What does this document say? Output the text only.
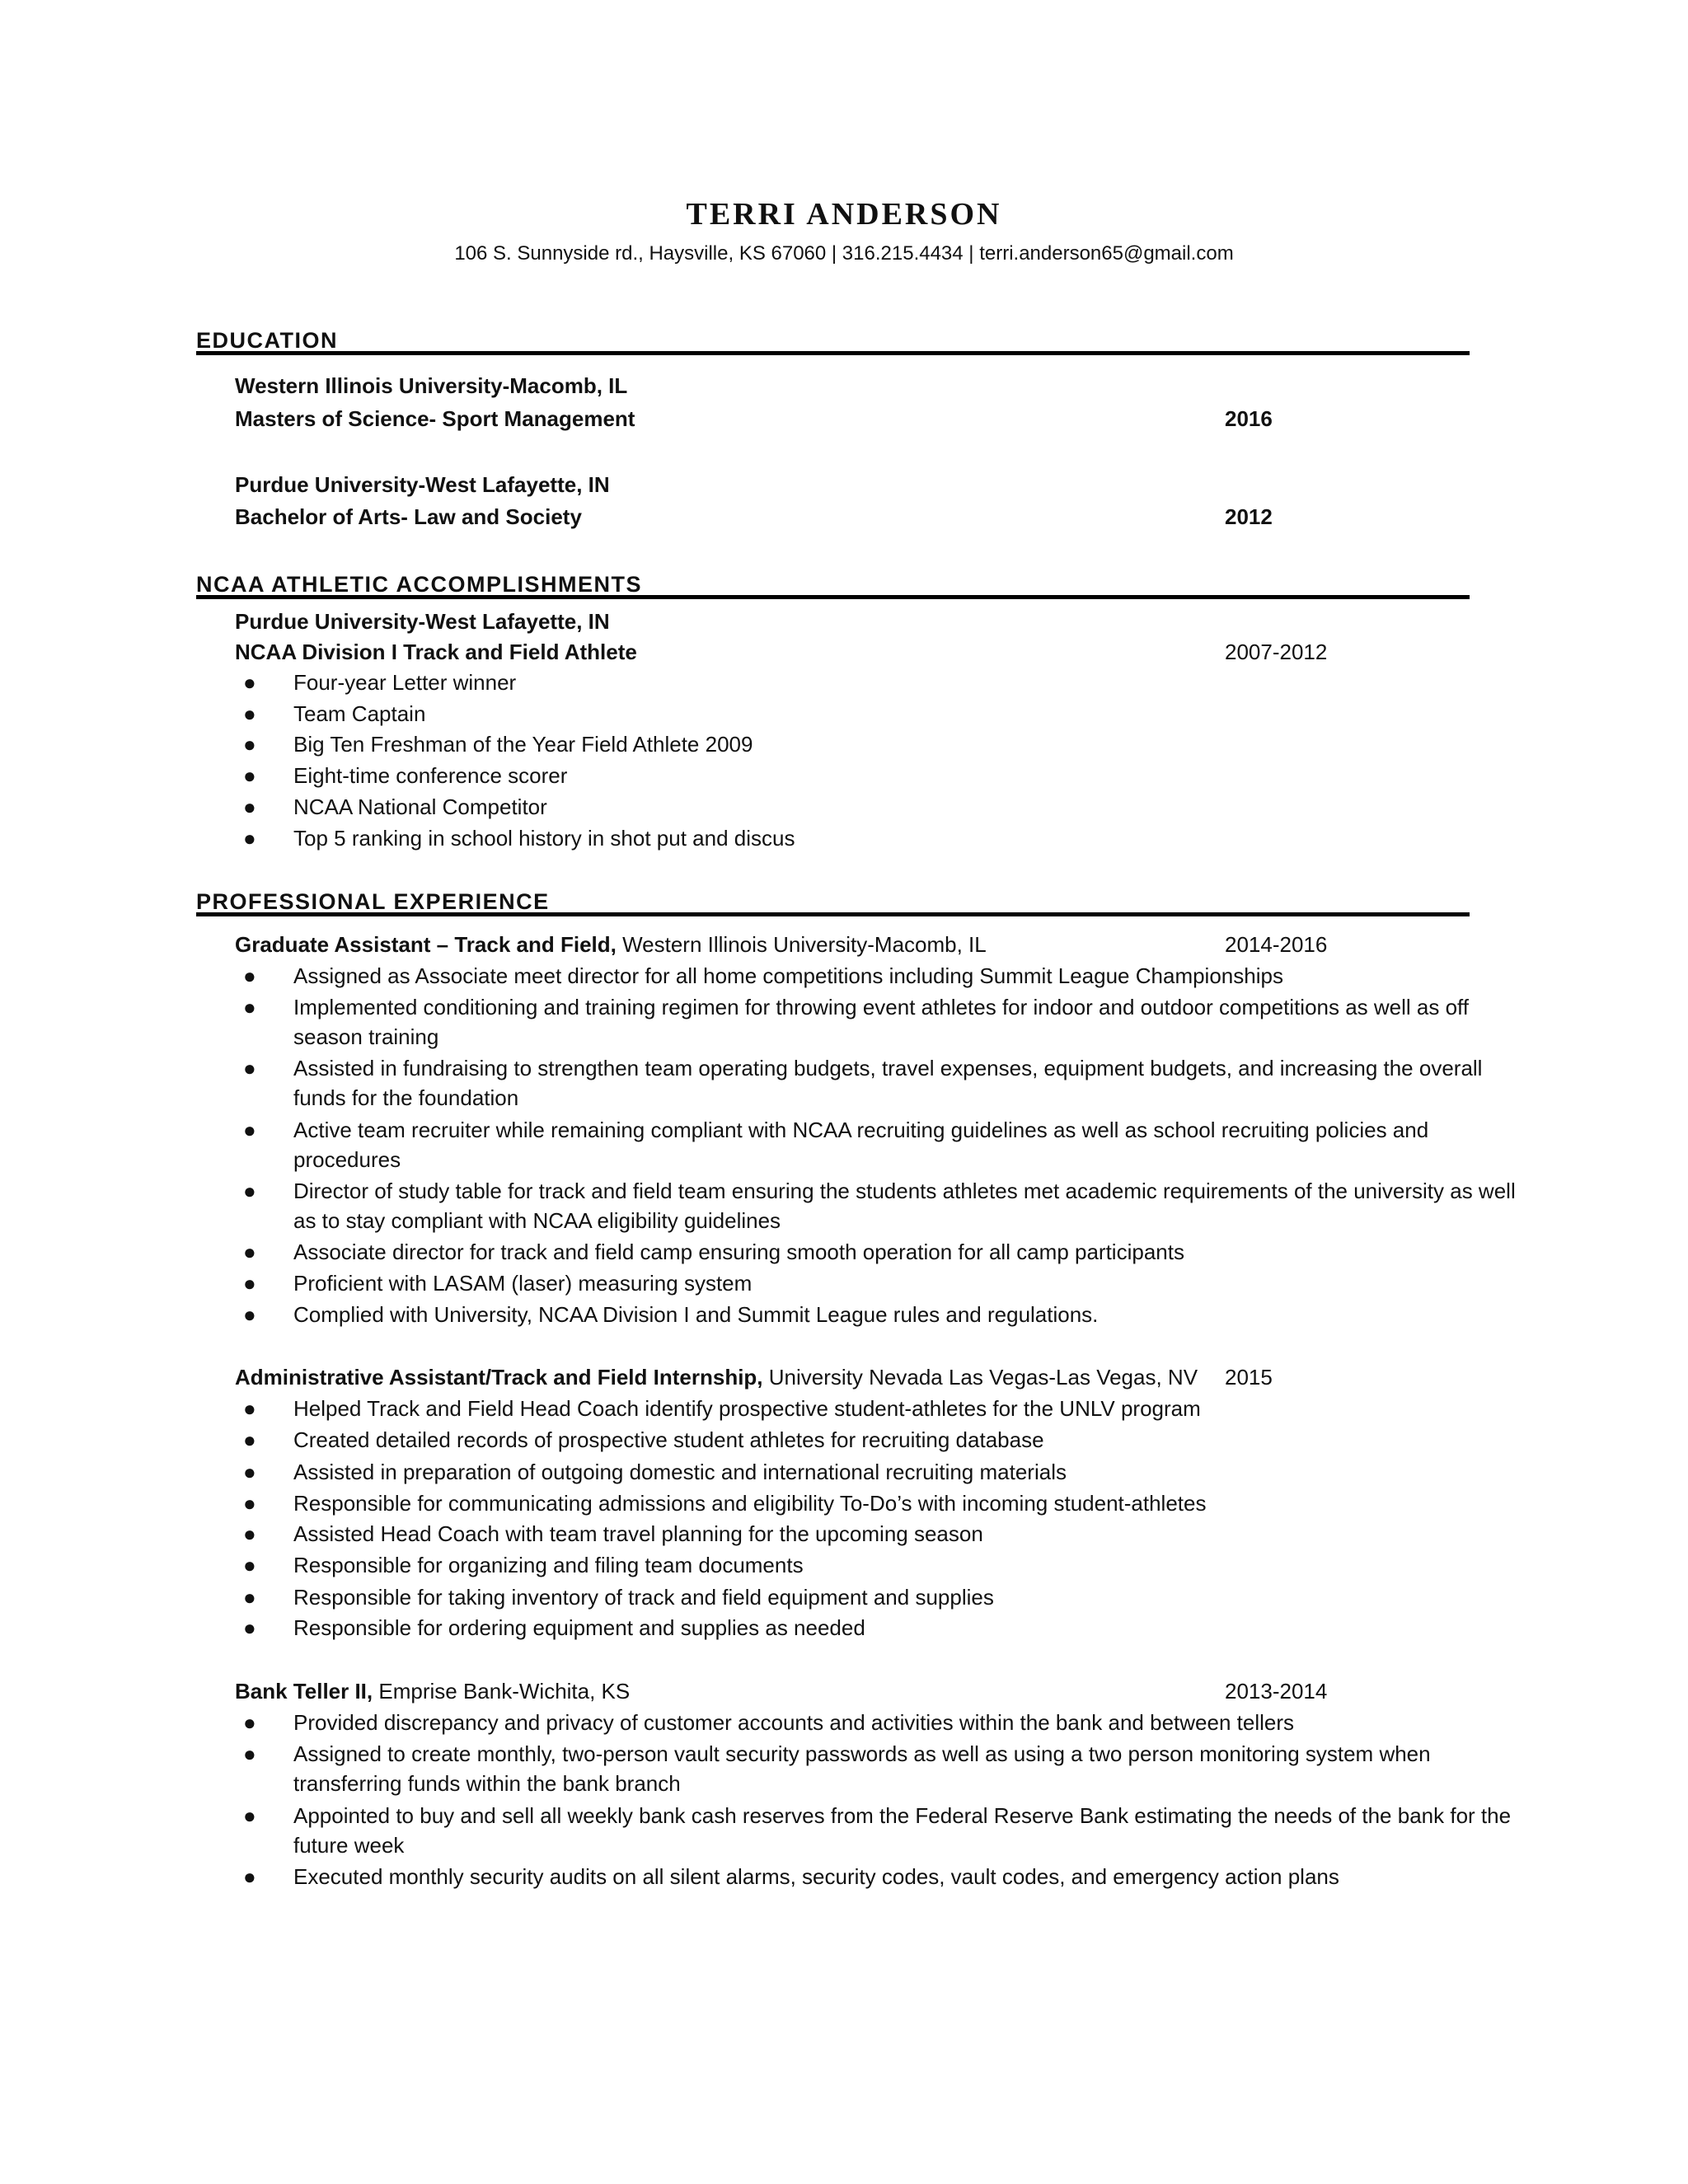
TERRI ANDERSON
106 S. Sunnyside rd., Haysville, KS 67060 | 316.215.4434 | terri.anderson65@gmail.com
EDUCATION
Western Illinois University-Macomb, IL
Masters of Science- Sport Management	2016
Purdue University-West Lafayette, IN
Bachelor of Arts- Law and Society	2012
NCAA ATHLETIC ACCOMPLISHMENTS
Purdue University-West Lafayette, IN
NCAA Division I Track and Field Athlete	2007-2012
● Four-year Letter winner
● Team Captain
● Big Ten Freshman of the Year Field Athlete 2009
● Eight-time conference scorer
● NCAA National Competitor
● Top 5 ranking in school history in shot put and discus
PROFESSIONAL EXPERIENCE
Graduate Assistant – Track and Field, Western Illinois University-Macomb, IL	2014-2016
● Assigned as Associate meet director for all home competitions including Summit League Championships
● Implemented conditioning and training regimen for throwing event athletes for indoor and outdoor competitions as well as off season training
● Assisted in fundraising to strengthen team operating budgets, travel expenses, equipment budgets, and increasing the overall funds for the foundation
● Active team recruiter while remaining compliant with NCAA recruiting guidelines as well as school recruiting policies and procedures
● Director of study table for track and field team ensuring the students athletes met academic requirements of the university as well as to stay compliant with NCAA eligibility guidelines
● Associate director for track and field camp ensuring smooth operation for all camp participants
● Proficient with LASAM (laser) measuring system
● Complied with University, NCAA Division I and Summit League rules and regulations.
Administrative Assistant/Track and Field Internship, University Nevada Las Vegas-Las Vegas, NV 2015
● Helped Track and Field Head Coach identify prospective student-athletes for the UNLV program
● Created detailed records of prospective student athletes for recruiting database
● Assisted in preparation of outgoing domestic and international recruiting materials
● Responsible for communicating admissions and eligibility To-Do’s with incoming student-athletes
● Assisted Head Coach with team travel planning for the upcoming season
● Responsible for organizing and filing team documents
● Responsible for taking inventory of track and field equipment and supplies
● Responsible for ordering equipment and supplies as needed
Bank Teller II, Emprise Bank-Wichita, KS	2013-2014
● Provided discrepancy and privacy of customer accounts and activities within the bank and between tellers
● Assigned to create monthly, two-person vault security passwords as well as using a two person monitoring system when transferring funds within the bank branch
● Appointed to buy and sell all weekly bank cash reserves from the Federal Reserve Bank estimating the needs of the bank for the future week
● Executed monthly security audits on all silent alarms, security codes, vault codes, and emergency action plans
